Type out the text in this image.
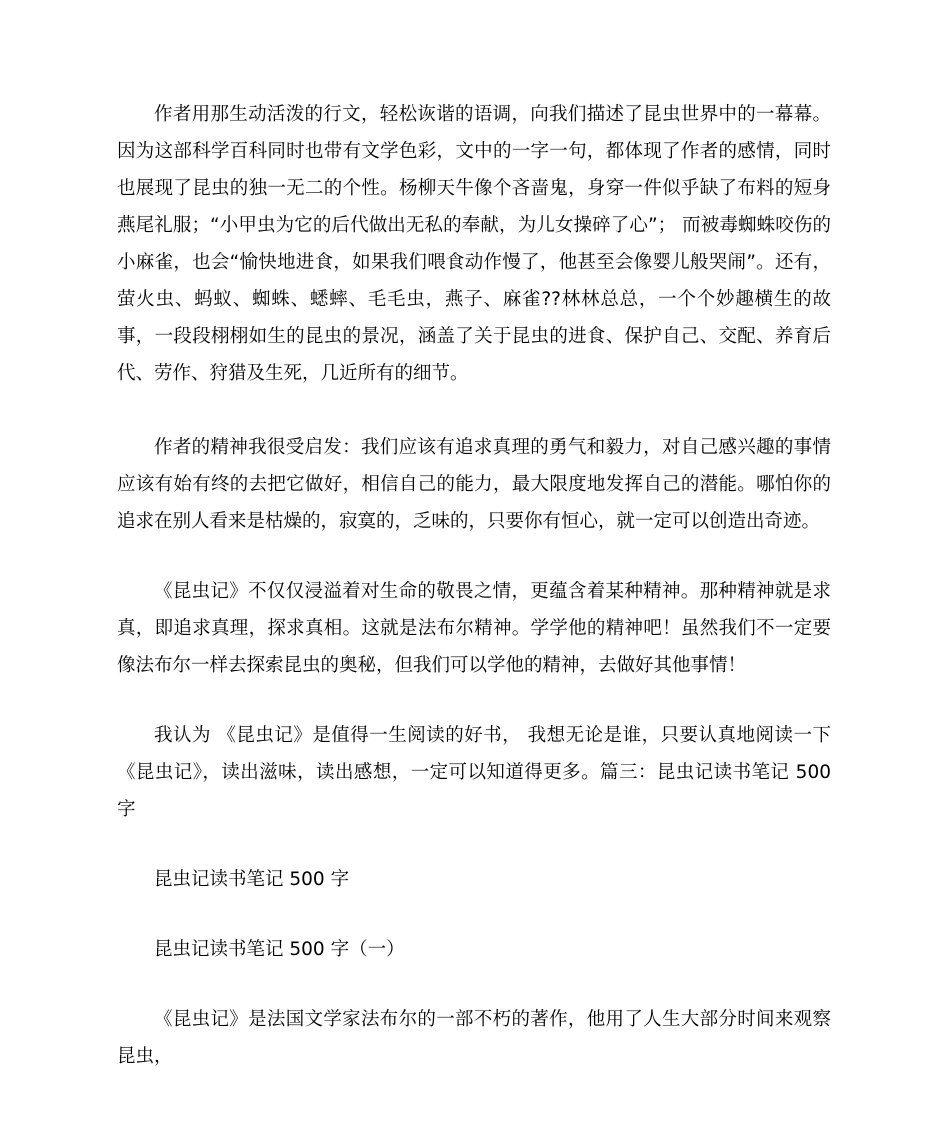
作者用那生动活泼的行文，轻松诙谐的语调，向我们描述了昆虫世界中的一幕幕。因为这部科学百科同时也带有文学色彩，文中的一字一句，都体现了作者的感情，同时也展现了昆虫的独一无二的个性。杨柳天牛像个吝啬鬼，身穿一件似乎缺了布料的短身燕尾礼服；“小甲虫为它的后代做出无私的奉献，为儿女操碎了心”； 而被毒蜘蛛咬伤的小麻雀，也会“愉快地进食，如果我们喂食动作慢了，他甚至会像婴儿般哭闹”。还有，萤火虫、蚂蚁、蜘蛛、蟋蟀、毛毛虫，燕子、麻雀??林林总总，一个个妙趣横生的故事，一段段栩栩如生的昆虫的景况，涵盖了关于昆虫的进食、保护自己、交配、养育后代、劳作、狩猎及生死，几近所有的细节。

作者的精神我很受启发：我们应该有追求真理的勇气和毅力，对自己感兴趣的事情应该有始有终的去把它做好，相信自己的能力，最大限度地发挥自己的潜能。哪怕你的追求在别人看来是枯燥的，寂寞的，乏味的，只要你有恒心，就一定可以创造出奇迹。

《昆虫记》不仅仅浸溢着对生命的敬畏之情，更蕴含着某种精神。那种精神就是求真，即追求真理，探求真相。这就是法布尔精神。学学他的精神吧！虽然我们不一定要像法布尔一样去探索昆虫的奥秘，但我们可以学他的精神，去做好其他事情！

我认为 《昆虫记》是值得一生阅读的好书， 我想无论是谁，只要认真地阅读一下 《昆虫记》，读出滋味，读出感想，一定可以知道得更多。篇三：昆虫记读书笔记 500 字

昆虫记读书笔记 500 字

昆虫记读书笔记 500 字（一）

《昆虫记》是法国文学家法布尔的一部不朽的著作，他用了人生大部分时间来观察昆虫，
